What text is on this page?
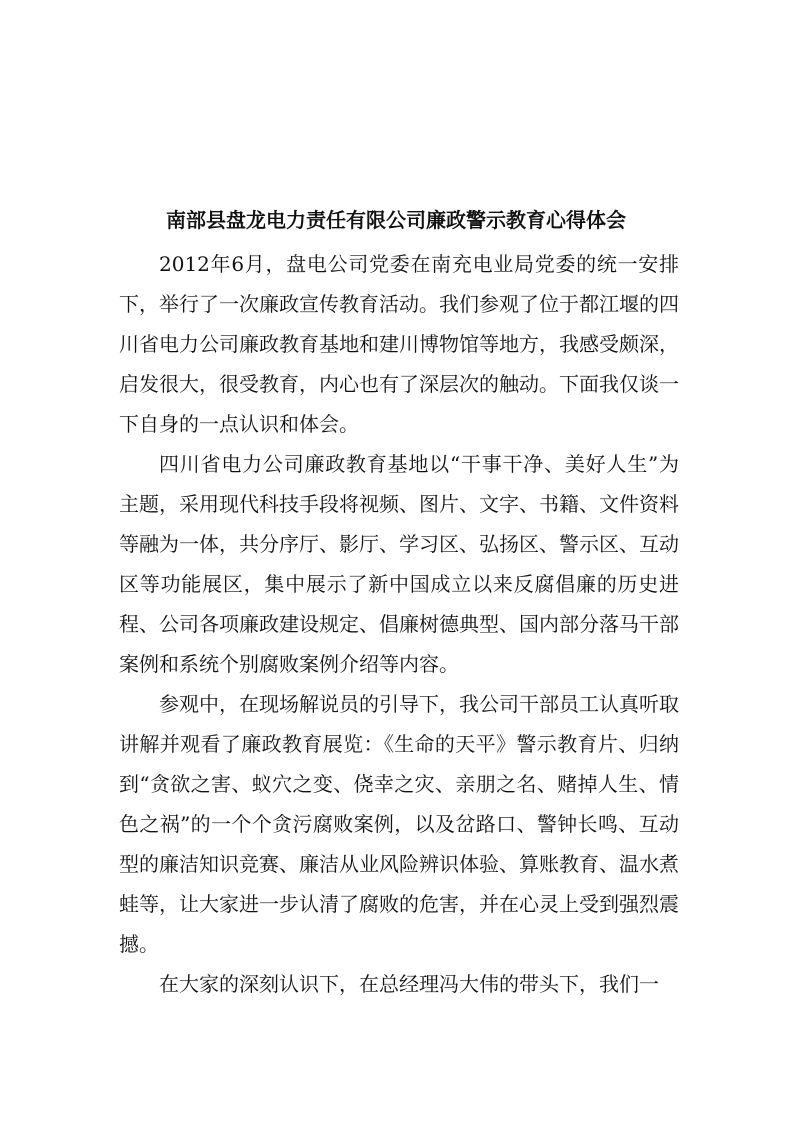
南部县盘龙电力责任有限公司廉政警示教育心得体会

2012年6月，盘电公司党委在南充电业局党委的统一安排下，举行了一次廉政宣传教育活动。我们参观了位于都江堰的四川省电力公司廉政教育基地和建川博物馆等地方，我感受颇深，启发很大，很受教育，内心也有了深层次的触动。下面我仅谈一下自身的一点认识和体会。

四川省电力公司廉政教育基地以“干事干净、美好人生”为主题，采用现代科技手段将视频、图片、文字、书籍、文件资料等融为一体，共分序厅、影厅、学习区、弘扬区、警示区、互动区等功能展区，集中展示了新中国成立以来反腐倡廉的历史进程、公司各项廉政建设规定、倡廉树德典型、国内部分落马干部案例和系统个别腐败案例介绍等内容。

参观中，在现场解说员的引导下，我公司干部员工认真听取讲解并观看了廉政教育展览：《生命的天平》警示教育片、归纳到“贪欲之害、蚁穴之变、侥幸之灾、亲朋之名、赌掉人生、情色之祸”的一个个贪污腐败案例，以及岔路口、警钟长鸣、互动型的廉洁知识竞赛、廉洁从业风险辨识体验、算账教育、温水煮蛙等，让大家进一步认清了腐败的危害，并在心灵上受到强烈震撼。

在大家的深刻认识下，在总经理冯大伟的带头下，我们一
